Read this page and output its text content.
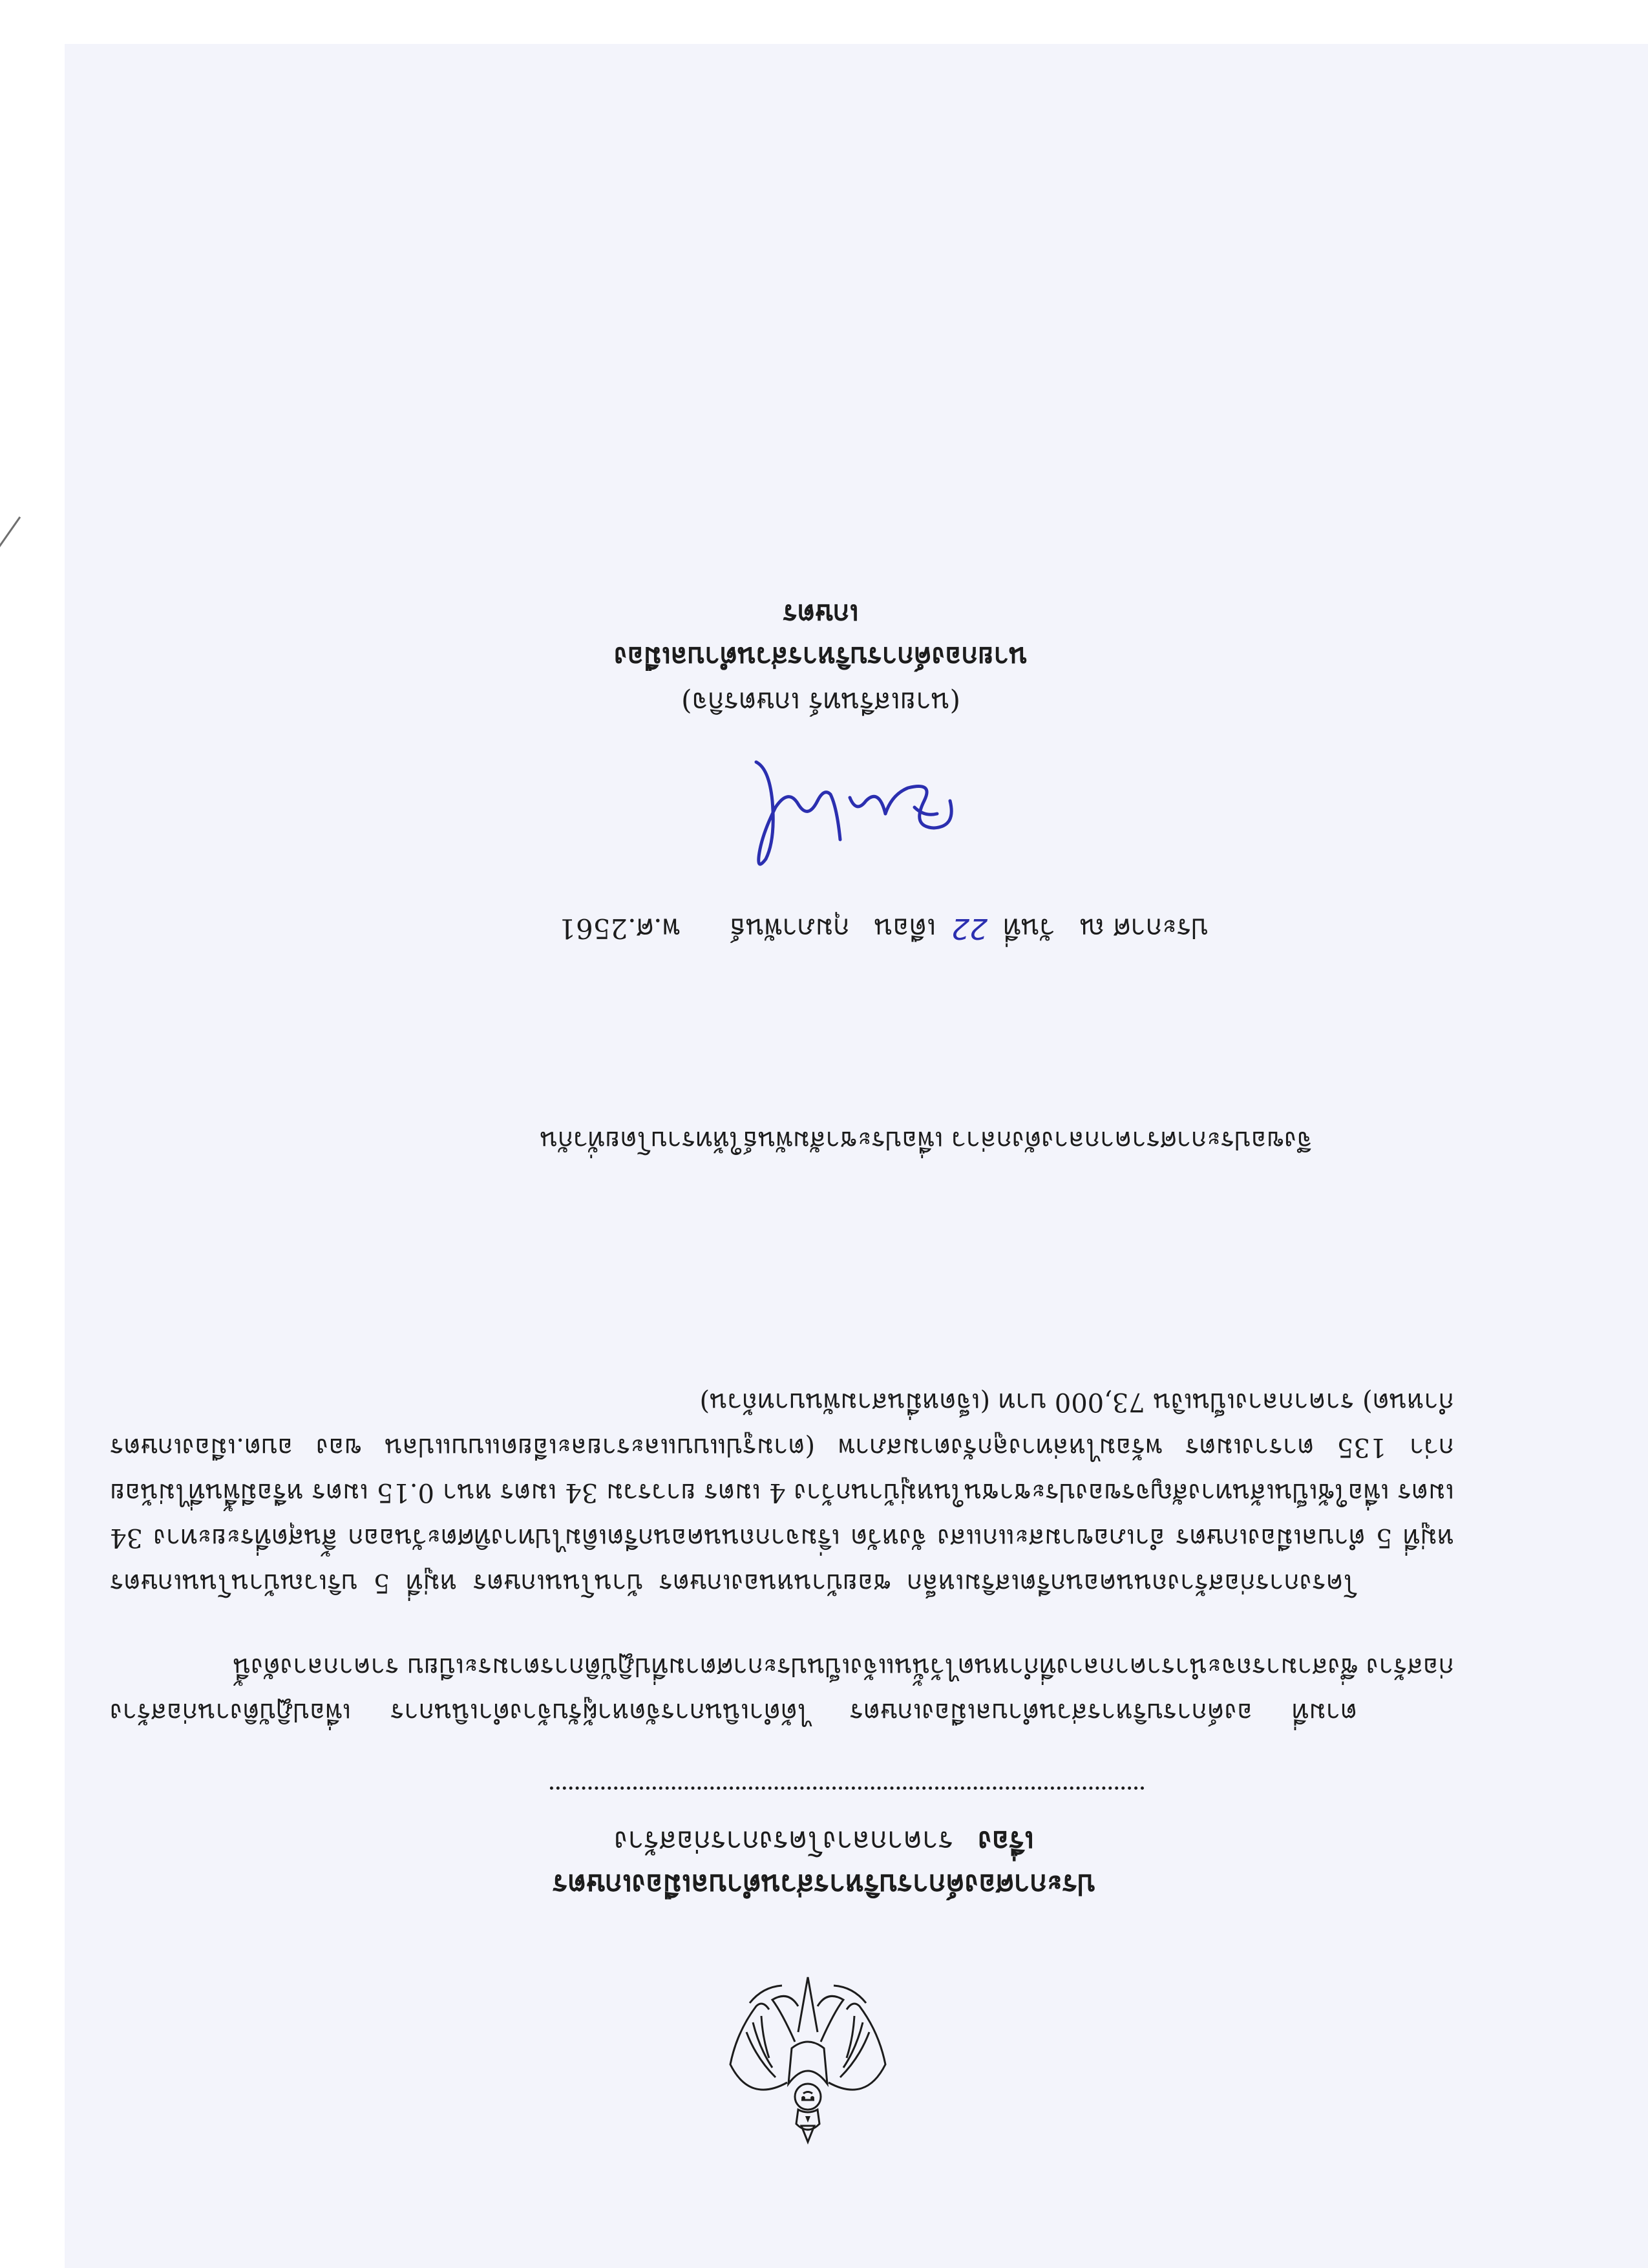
ประกาศองค์การบริหารส่วนตำบลเมืองเกษตร
เรื่อง ราคากลางโครงการก่อสร้าง
ตามที่ องค์การบริหารส่วนตำบลเมืองเกษตร ได้ดำเนินการจัดหาผู้รับจ้างดำเนินการ เพื่อปฏิบัติงานก่อสร้าง ก่อสร้าง ซึ่งสามารถจะนำราคากลางที่กำหนดไว้นั้นแจ้งเป็นประกาศตามที่ปฏิบัติการตามระเบียบ ราคากลางดังนี้
โครงการก่อสร้างถนนคอนกรีตเสริมเหล็ก ซอยบ้านหนองเกษตร บ้านโนนเกษตร หมู่ที่ 5 บริเวณบ้านโนนเกษตร หมู่ที่ 5 ตำบลเมืองเกษตร อำเภอขามสะแกแสง จังหวัด เริ่มจากถนนคอนกรีตเดิมไปทางทิศตะวันออก สิ้นสุดที่ระยะทาง 34 เมตร เพื่อใช้เป็นเส้นทางสัญจรของประชาชนในหมู่บ้านกว้าง 4 เมตร ยาวรวม 34 เมตร หนา 0.15 เมตร หรือมีพื้นที่ไม่น้อยกว่า 135 ตารางเมตร พร้อมไหล่ทางลูกรังตามสภาพ (ตามรูปแบบและรายละเอียดแบบแปลน ของ อบต.เมืองเกษตร กำหนด) ราคากลางเป็นเงิน 73,000 บาท (เจ็ดหมื่นสามพันบาทถ้วน)
จึงขอประกาศราคากลางดังกล่าว เพื่อประชาสัมพันธ์ให้ทราบโดยทั่วกัน
ประกาศ ณวันที่22เดือนกุมภาพันธ์พ.ศ.2561
(นายเสรีนทร์ เกษตรกิจ)
นายกองค์การบริหารส่วนตำบลเมืองเกษตร
